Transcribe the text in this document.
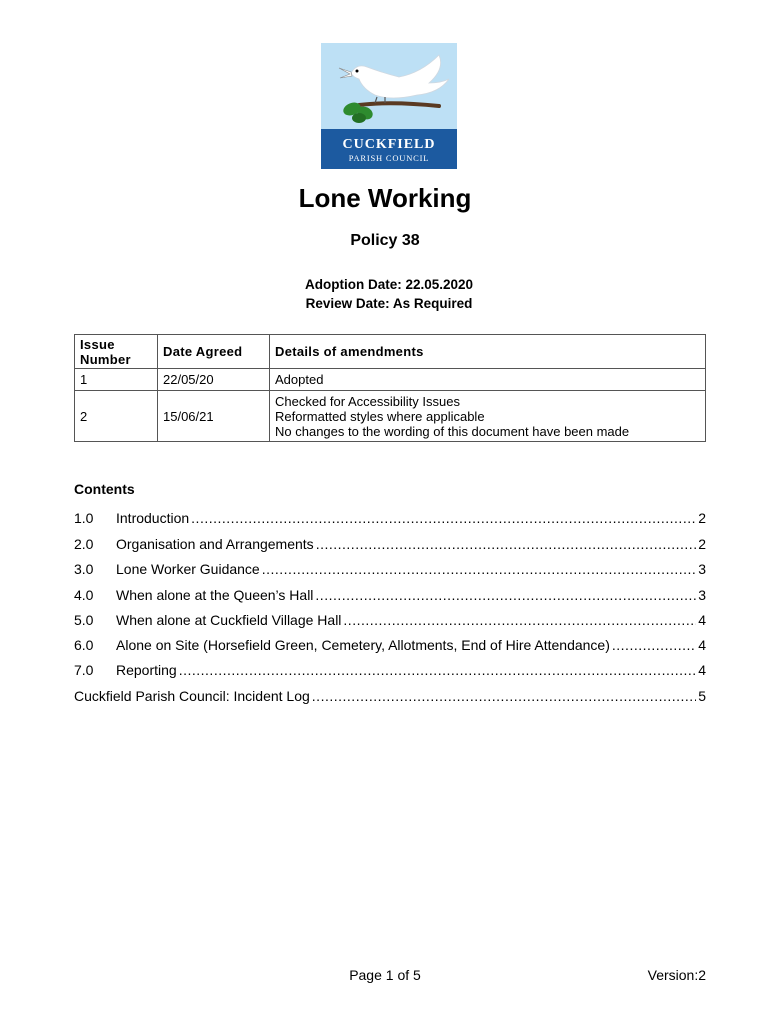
CUCKFIELD
PARISH COUNCIL
Lone Working
Policy 38
Adoption Date: 22.05.2020
Review Date: As Required
Issue Number	Date Agreed	Details of amendments
1	22/05/20	Adopted
2	15/06/21	Checked for Accessibility Issues
Reformatted styles where applicable
No changes to the wording of this document have been made
Contents
1.0	Introduction .....	2
2.0	Organisation and Arrangements .....	2
3.0	Lone Worker Guidance .....	3
4.0	When alone at the Queen’s Hall .....	3
5.0	When alone at Cuckfield Village Hall .....	4
6.0	Alone on Site (Horsefield Green, Cemetery, Allotments, End of Hire Attendance) .....	4
7.0	Reporting .....	4
Cuckfield Parish Council: Incident Log .....	5
Page 1 of 5	Version:2
